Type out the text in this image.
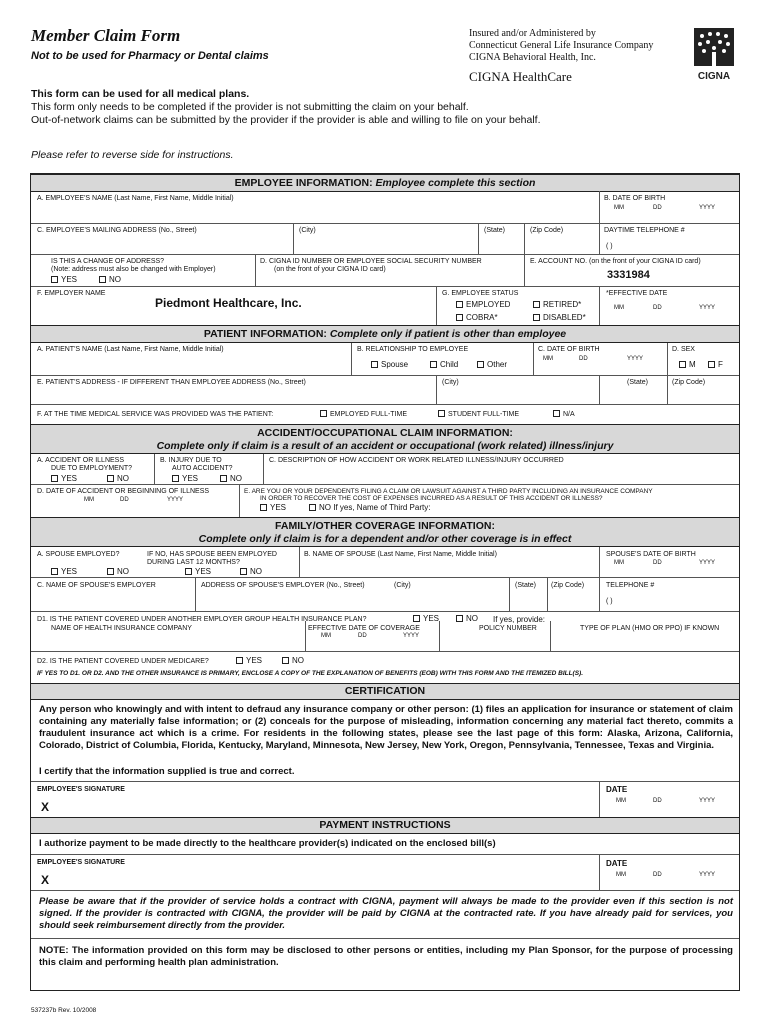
Member Claim Form
Not to be used for Pharmacy or Dental claims
Insured and/or Administered by
Connecticut General Life Insurance Company
CIGNA Behavioral Health, Inc.
CIGNA HealthCare	CIGNA
This form can be used for all medical plans.
This form only needs to be completed if the provider is not submitting the claim on your behalf.
Out-of-network claims can be submitted by the provider if the provider is able and willing to file on your behalf.
Please refer to reverse side for instructions.
EMPLOYEE INFORMATION: Employee complete this section
A. EMPLOYEE'S NAME (Last Name, First Name, Middle Initial)	B. DATE OF BIRTH
MM	DD	YYYY
C. EMPLOYEE'S MAILING ADDRESS (No., Street)	(City)	(State)	(Zip Code)	DAYTIME TELEPHONE #
( )
IS THIS A CHANGE OF ADDRESS?
(Note: address must also be changed with Employer)
YES	NO
D. CIGNA ID NUMBER OR EMPLOYEE SOCIAL SECURITY NUMBER
(on the front of your CIGNA ID card)
E. ACCOUNT NO. (on the front of your CIGNA ID card)
3331984
F. EMPLOYER NAME
Piedmont Healthcare, Inc.
G. EMPLOYEE STATUS
EMPLOYED	RETIRED*
COBRA*	DISABLED*
*EFFECTIVE DATE
MM	DD	YYYY
PATIENT INFORMATION: Complete only if patient is other than employee
A. PATIENT'S NAME (Last Name, First Name, Middle Initial)	B. RELATIONSHIP TO EMPLOYEE
Spouse	Child	Other
C. DATE OF BIRTH
MM	DD	YYYY
D. SEX
M	F
E. PATIENT'S ADDRESS - IF DIFFERENT THAN EMPLOYEE ADDRESS (No., Street)	(City)	(State)	(Zip Code)
F. AT THE TIME MEDICAL SERVICE WAS PROVIDED WAS THE PATIENT:	EMPLOYED FULL-TIME	STUDENT FULL-TIME	N/A
ACCIDENT/OCCUPATIONAL CLAIM INFORMATION:
Complete only if claim is a result of an accident or occupational (work related) illness/injury
A. ACCIDENT OR ILLNESS
DUE TO EMPLOYMENT?
YES	NO
B. INJURY DUE TO
AUTO ACCIDENT?
YES	NO
C. DESCRIPTION OF HOW ACCIDENT OR WORK RELATED ILLNESS/INJURY OCCURRED
D. DATE OF ACCIDENT OR BEGINNING OF ILLNESS
MM	DD	YYYY
E. ARE YOU OR YOUR DEPENDENTS FILING A CLAIM OR LAWSUIT AGAINST A THIRD PARTY INCLUDING AN INSURANCE COMPANY
IN ORDER TO RECOVER THE COST OF EXPENSES INCURRED AS A RESULT OF THIS ACCIDENT OR ILLNESS?
YES	NO If yes, Name of Third Party:
FAMILY/OTHER COVERAGE INFORMATION:
Complete only if claim is for a dependent and/or other coverage is in effect
A. SPOUSE EMPLOYED?
YES	NO
IF NO, HAS SPOUSE BEEN EMPLOYED
DURING LAST 12 MONTHS?
YES	NO
B. NAME OF SPOUSE (Last Name, First Name, Middle Initial)	SPOUSE'S DATE OF BIRTH
MM	DD	YYYY
C. NAME OF SPOUSE'S EMPLOYER	ADDRESS OF SPOUSE'S EMPLOYER (No., Street)	(City)	(State) (Zip Code)	TELEPHONE #
( )
D1. IS THE PATIENT COVERED UNDER ANOTHER EMPLOYER GROUP HEALTH INSURANCE PLAN?	YES	NO If yes, provide:
NAME OF HEALTH INSURANCE COMPANY	EFFECTIVE DATE OF COVERAGE
MM	DD	YYYY
POLICY NUMBER	TYPE OF PLAN (HMO OR PPO) IF KNOWN
D2. IS THE PATIENT COVERED UNDER MEDICARE?	YES	NO
IF YES TO D1. OR D2. AND THE OTHER INSURANCE IS PRIMARY, ENCLOSE A COPY OF THE EXPLANATION OF BENEFITS (EOB) WITH THIS FORM AND THE ITEMIZED BILL(S).
CERTIFICATION
Any person who knowingly and with intent to defraud any insurance company or other person: (1) files an application for insurance or statement of claim containing any materially false information; or (2) conceals for the purpose of misleading, information concerning any material fact thereto, commits a fraudulent insurance act which is a crime. For residents in the following states, please see the last page of this form: Alaska, Arizona, California, Colorado, District of Columbia, Florida, Kentucky, Maryland, Minnesota, New Jersey, New York, Oregon, Pennsylvania, Tennessee, Texas and Virginia.
I certify that the information supplied is true and correct.
EMPLOYEE'S SIGNATURE
X
DATE
MM	DD	YYYY
PAYMENT INSTRUCTIONS
I authorize payment to be made directly to the healthcare provider(s) indicated on the enclosed bill(s)
EMPLOYEE'S SIGNATURE
X
DATE
MM	DD	YYYY
Please be aware that if the provider of service holds a contract with CIGNA, payment will always be made to the provider even if this section is not signed. If the provider is contracted with CIGNA, the provider will be paid by CIGNA at the contracted rate. If you have already paid for services, you should seek reimbursement directly from the provider.
NOTE: The information provided on this form may be disclosed to other persons or entities, including my Plan Sponsor, for the purpose of processing this claim and performing health plan administration.
537237b Rev. 10/2008
